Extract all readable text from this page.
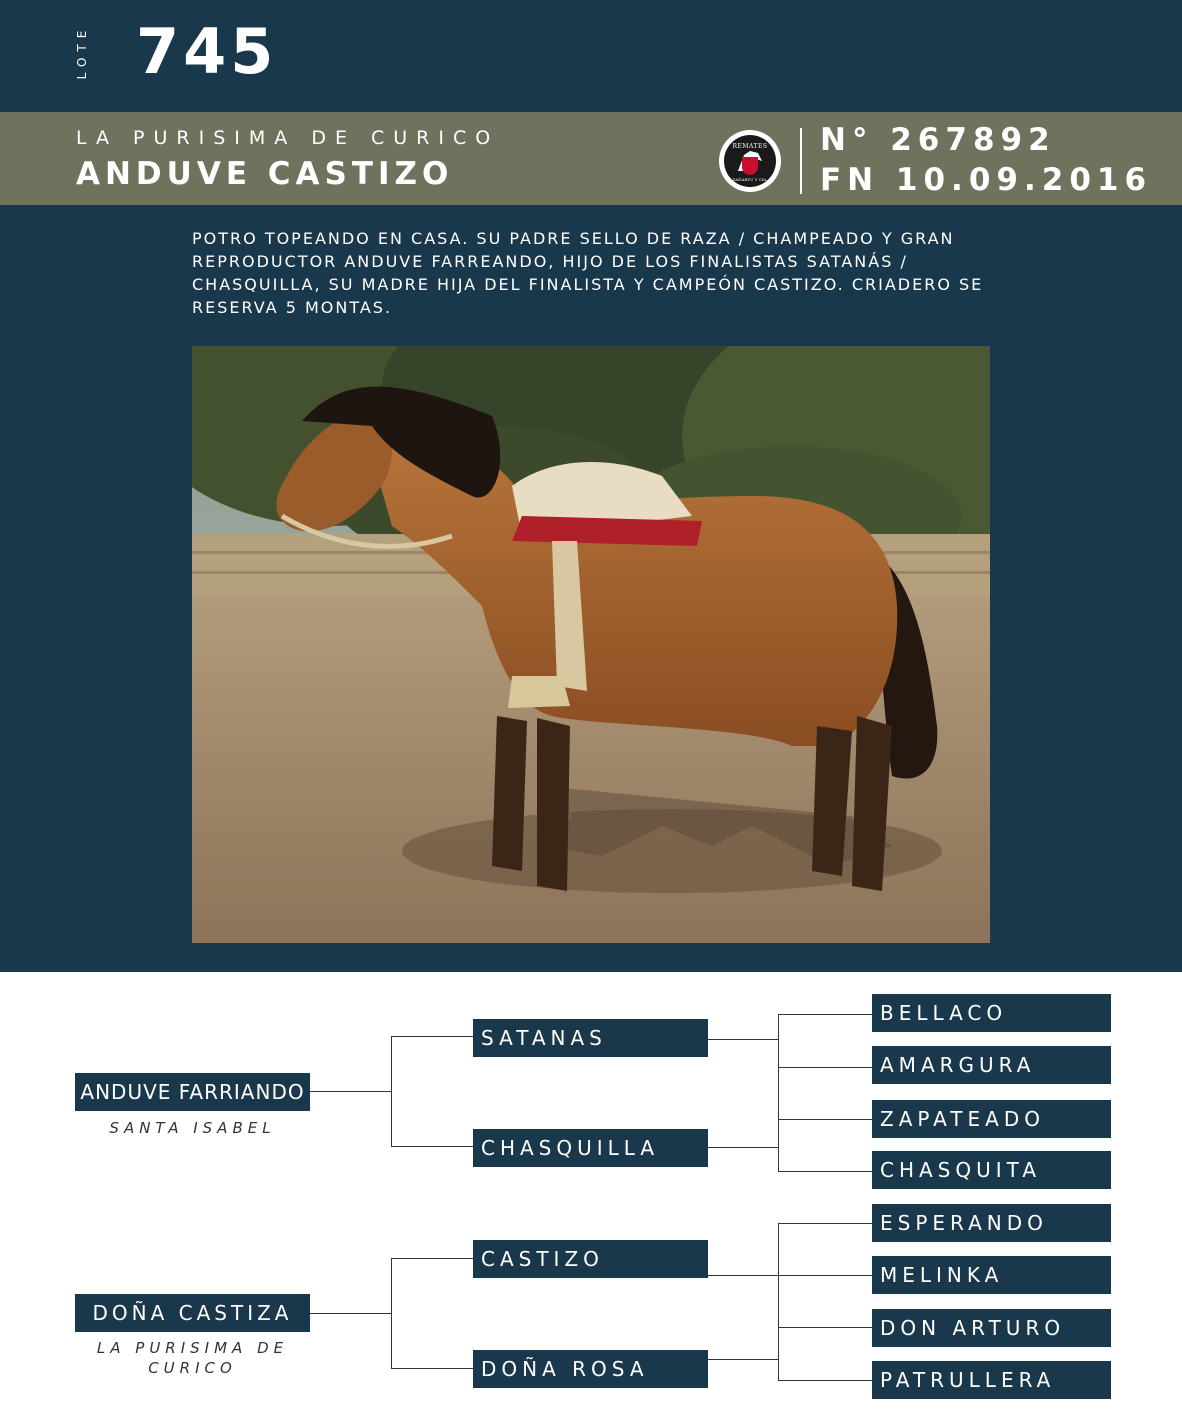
LOTE 745
LA PURISIMA DE CURICO
ANDUVE CASTIZO
REMATES
ZAÑARTU Y CIA.
N° 267892
FN 10.09.2016
POTRO TOPEANDO EN CASA. SU PADRE SELLO DE RAZA / CHAMPEADO Y GRAN REPRODUCTOR ANDUVE FARREANDO, HIJO DE LOS FINALISTAS SATANÁS / CHASQUILLA, SU MADRE HIJA DEL FINALISTA Y CAMPEÓN CASTIZO. CRIADERO SE RESERVA 5 MONTAS.
ANDUVE FARRIANDO
SANTA ISABEL
DOÑA CASTIZA
LA PURISIMA DE CURICO
SATANAS
CHASQUILLA
CASTIZO
DOÑA ROSA
BELLACO
AMARGURA
ZAPATEADO
CHASQUITA
ESPERANDO
MELINKA
DON ARTURO
PATRULLERA
